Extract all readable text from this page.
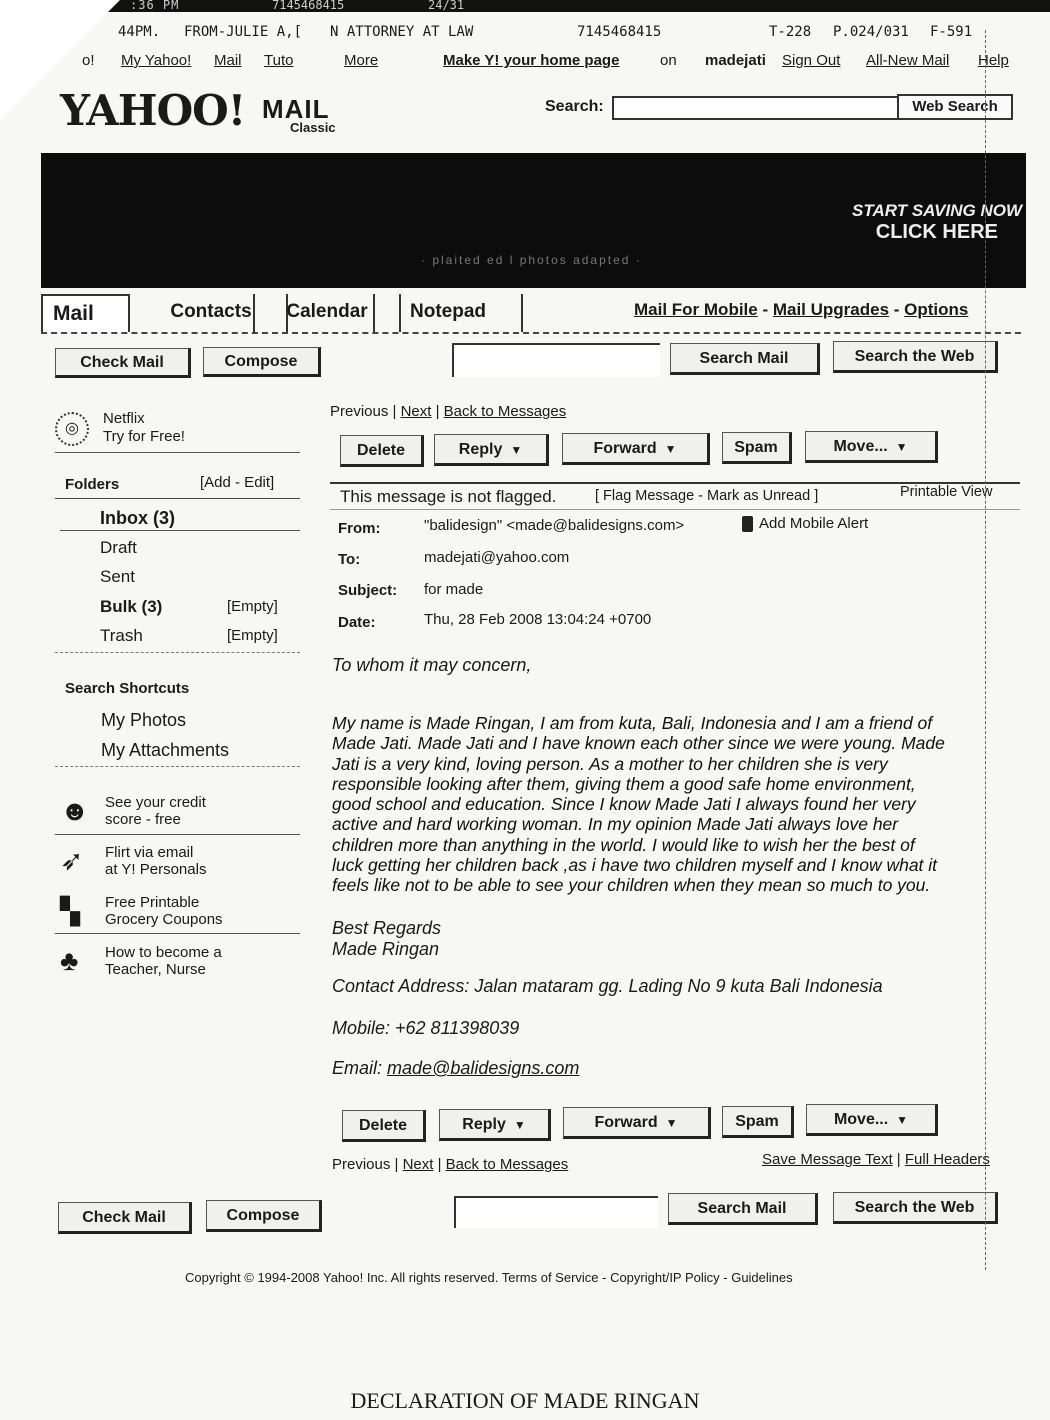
:36 PM	7145468415	24/31
44PM. FROM-JULIE A,[ N ATTORNEY AT LAW	7145468415	T-228 P.024/031 F-591
o! My Yahoo! Mail Tuto	More	Make Y! your home page	on madejati Sign Out All-New Mail Help
YAHOO! MAIL
Classic
Search:	Web Search
START SAVING NOW
CLICK HERE
· plaited ed l photos adapted ·
Mail	Contacts	Calendar	Notepad	Mail For Mobile - Mail Upgrades - Options
Check Mail	Compose	Search Mail	Search the Web
◎
Netflix
Try for Free!
Folders	[Add - Edit]
Inbox (3)
Draft
Sent
Bulk (3)	[Empty]
Trash	[Empty]
Search Shortcuts
My Photos
My Attachments
☻	See your credit
score - free
➶	Flirt via email
at Y! Personals
▚	Free Printable
Grocery Coupons
♣	How to become a
Teacher, Nurse
Previous | Next | Back to Messages
Delete	Reply ▼	Forward ▼	Spam	Move... ▼
This message is not flagged.	[ Flag Message - Mark as Unread ]	Printable View
From:	"balidesign" <made@balidesigns.com>	Add Mobile Alert
To:	madejati@yahoo.com
Subject: for made
Date:	Thu, 28 Feb 2008 13:04:24 +0700
To whom it may concern,
My name is Made Ringan, I am from kuta, Bali, Indonesia and I am a friend of
Made Jati. Made Jati and I have known each other since we were young. Made
Jati is a very kind, loving person. As a mother to her children she is very
responsible looking after them, giving them a good safe home environment,
good school and education. Since I know Made Jati I always found her very
active and hard working woman. In my opinion Made Jati always love her
children more than anything in the world. I would like to wish her the best of
luck getting her children back ,as i have two children myself and I know what it
feels like not to be able to see your children when they mean so much to you.
Best Regards
Made Ringan
Contact Address: Jalan mataram gg. Lading No 9 kuta Bali Indonesia
Mobile: +62 811398039
Email: made@balidesigns.com
Delete	Reply ▼	Forward ▼	Spam	Move... ▼
Previous | Next | Back to Messages	Save Message Text | Full Headers
Check Mail	Compose	Search Mail	Search the Web
Copyright © 1994-2008 Yahoo! Inc. All rights reserved. Terms of Service - Copyright/IP Policy - Guidelines
DECLARATION OF MADE RINGAN
